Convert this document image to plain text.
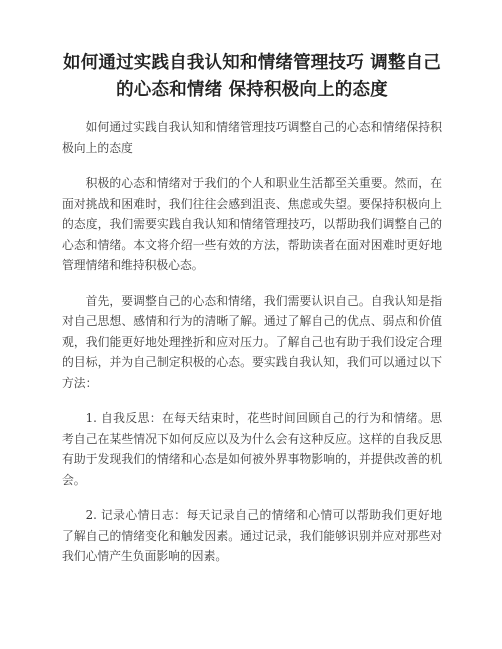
如何通过实践自我认知和情绪管理技巧 调整自己的心态和情绪 保持积极向上的态度

如何通过实践自我认知和情绪管理技巧调整自己的心态和情绪保持积极向上的态度

积极的心态和情绪对于我们的个人和职业生活都至关重要。然而，在面对挑战和困难时，我们往往会感到沮丧、焦虑或失望。要保持积极向上的态度，我们需要实践自我认知和情绪管理技巧，以帮助我们调整自己的心态和情绪。本文将介绍一些有效的方法，帮助读者在面对困难时更好地管理情绪和维持积极心态。

首先，要调整自己的心态和情绪，我们需要认识自己。自我认知是指对自己思想、感情和行为的清晰了解。通过了解自己的优点、弱点和价值观，我们能更好地处理挫折和应对压力。了解自己也有助于我们设定合理的目标，并为自己制定积极的心态。要实践自我认知，我们可以通过以下方法：

1. 自我反思：在每天结束时，花些时间回顾自己的行为和情绪。思考自己在某些情况下如何反应以及为什么会有这种反应。这样的自我反思有助于发现我们的情绪和心态是如何被外界事物影响的，并提供改善的机会。

2. 记录心情日志：每天记录自己的情绪和心情可以帮助我们更好地了解自己的情绪变化和触发因素。通过记录，我们能够识别并应对那些对我们心情产生负面影响的因素。
